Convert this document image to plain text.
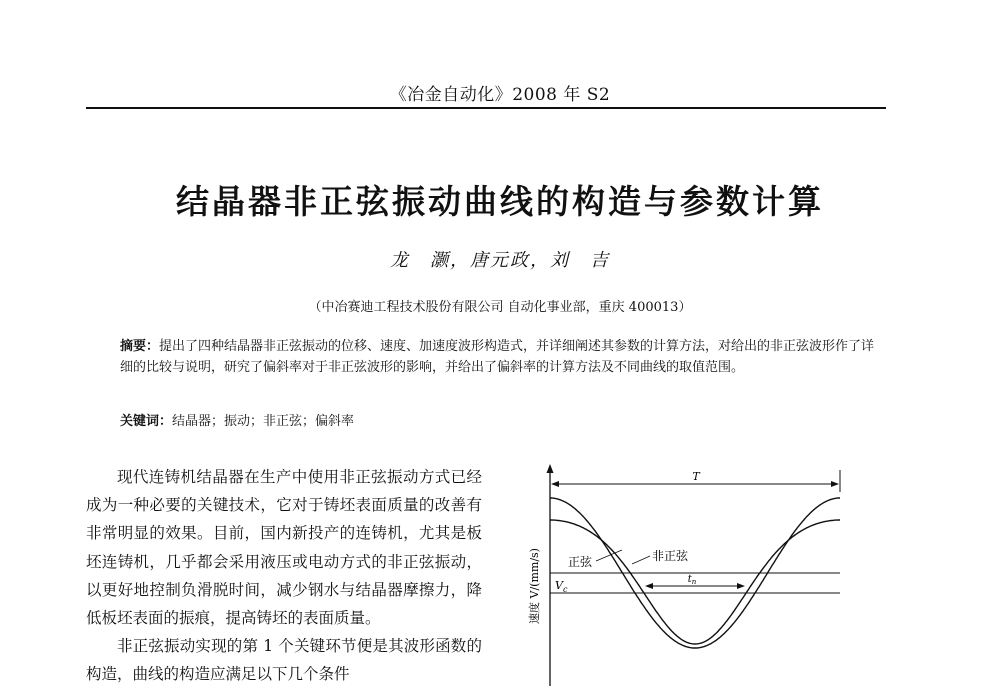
《冶金自动化》2008 年 S2
结晶器非正弦振动曲线的构造与参数计算
龙　灏，唐元政，刘　吉
（中冶赛迪工程技术股份有限公司 自动化事业部，重庆 400013）
摘要：提出了四种结晶器非正弦振动的位移、速度、加速度波形构造式，并详细阐述其参数的计算方法，对给出的非正弦波形作了详细的比较与说明，研究了偏斜率对于非正弦波形的影响，并给出了偏斜率的计算方法及不同曲线的取值范围。
关键词：结晶器；振动；非正弦；偏斜率

现代连铸机结晶器在生产中使用非正弦振动方式已经成为一种必要的关键技术，它对于铸坯表面质量的改善有非常明显的效果。目前，国内新投产的连铸机，尤其是板坯连铸机，几乎都会采用液压或电动方式的非正弦振动，以更好地控制负滑脱时间，减少钢水与结晶器摩擦力，降低板坯表面的振痕，提高铸坯的表面质量。

非正弦振动实现的第 1 个关键环节便是其波形函数的构造，曲线的构造应满足以下几个条件

T
正弦	非正弦
$V_c$
$t_n$
速度 V/(mm/s)
